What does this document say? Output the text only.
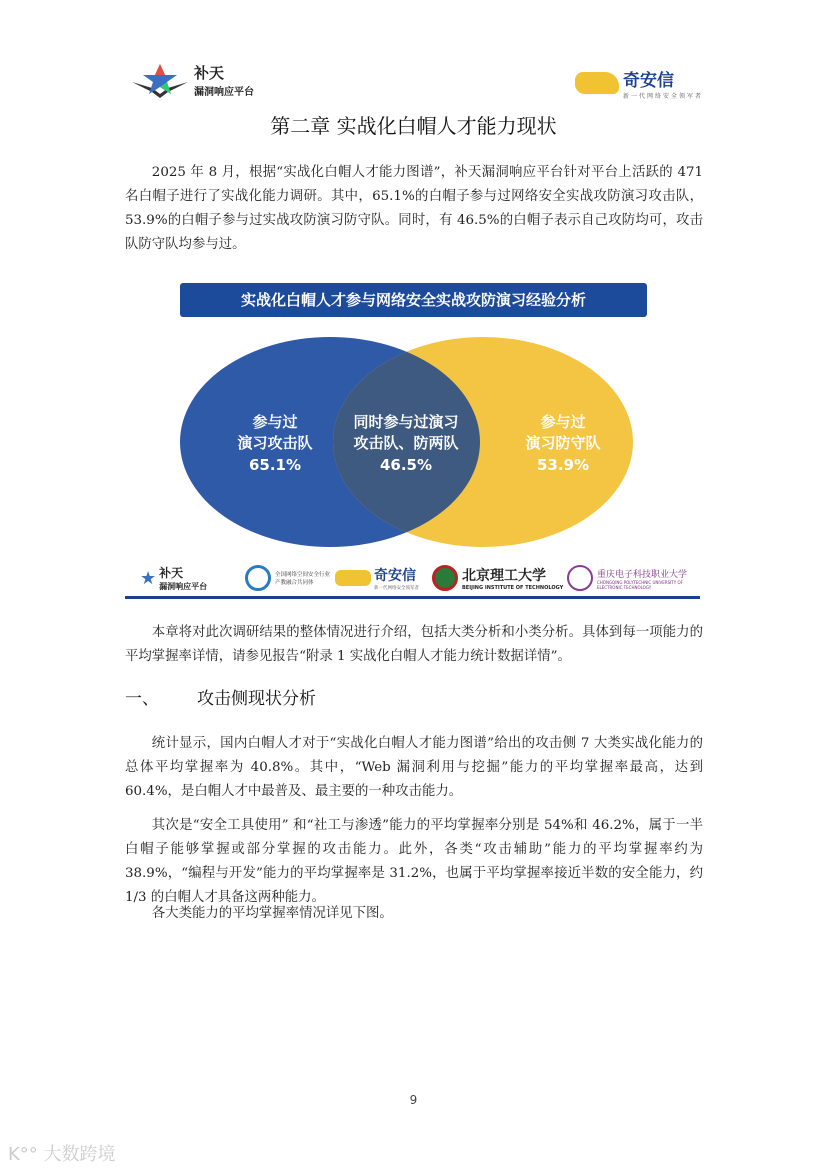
补天
漏洞响应平台
奇安信
新一代网络安全领军者
第二章 实战化白帽人才能力现状
2025 年 8 月，根据“实战化白帽人才能力图谱”，补天漏洞响应平台针对平台上活跃的 471 名白帽子进行了实战化能力调研。其中，65.1%的白帽子参与过网络安全实战攻防演习攻击队，53.9%的白帽子参与过实战攻防演习防守队。同时，有 46.5%的白帽子表示自己攻防均可，攻击队防守队均参与过。
实战化白帽人才参与网络安全实战攻防演习经验分析
参与过
演习攻击队
65.1%
同时参与过演习
攻击队、防两队
46.5%
参与过
演习防守队
53.9%
★ 补天
漏洞响应平台
全国网络空间安全行业产教融合共同体	奇安信
新一代网络安全领军者
北京理工大学
BEIJING INSTITUTE OF TECHNOLOGY
重庆电子科技职业大学
CHONGQING POLYTECHNIC UNIVERSITY OF ELECTRONIC TECHNOLOGY
本章将对此次调研结果的整体情况进行介绍，包括大类分析和小类分析。具体到每一项能力的平均掌握率详情，请参见报告“附录 1 实战化白帽人才能力统计数据详情”。
一、 攻击侧现状分析
统计显示，国内白帽人才对于“实战化白帽人才能力图谱”给出的攻击侧 7 大类实战化能力的总体平均掌握率为 40.8%。其中，“Web 漏洞利用与挖掘”能力的平均掌握率最高，达到 60.4%，是白帽人才中最普及、最主要的一种攻击能力。
其次是“安全工具使用” 和“社工与渗透”能力的平均掌握率分别是 54%和 46.2%，属于一半白帽子能够掌握或部分掌握的攻击能力。此外，各类“攻击辅助”能力的平均掌握率约为 38.9%，“编程与开发”能力的平均掌握率是 31.2%，也属于平均掌握率接近半数的安全能力，约 1/3 的白帽人才具备这两种能力。
各大类能力的平均掌握率情况详见下图。
9
K°° 大数跨境
